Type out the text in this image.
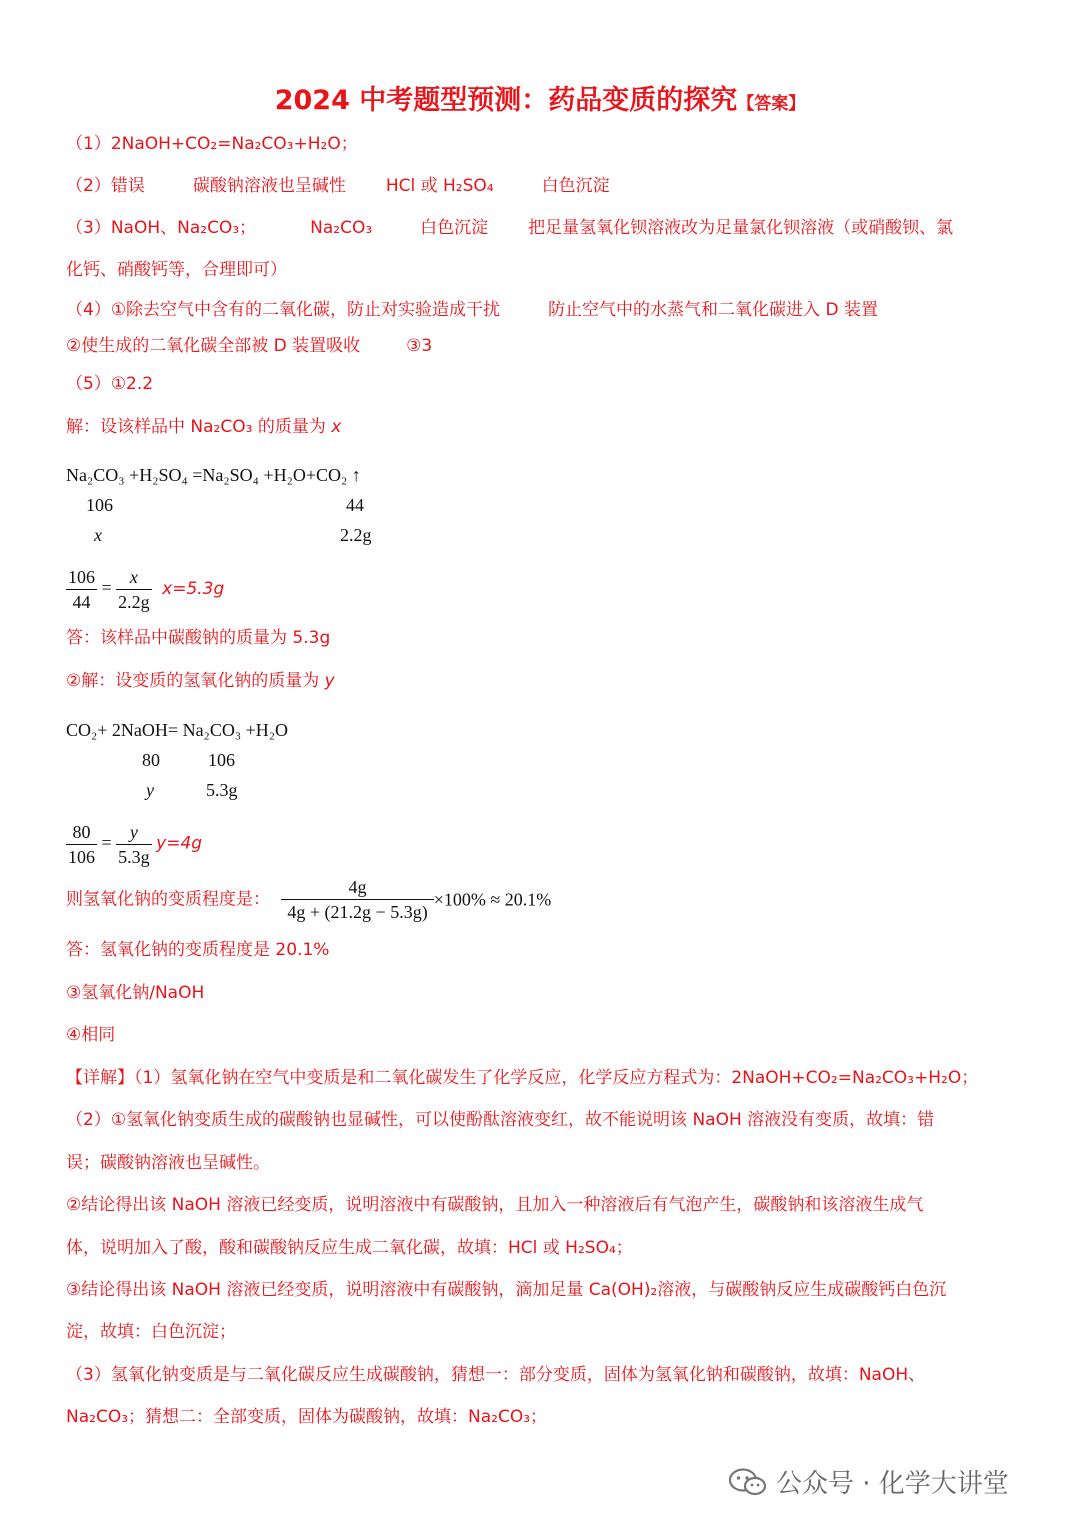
2024 中考题型预测：药品变质的探究【答案】
（1）2NaOH+CO₂=Na₂CO₃+H₂O；
（2）错误	碳酸钠溶液也呈碱性 HCl 或 H₂SO₄	白色沉淀
（3）NaOH、Na₂CO₃；	Na₂CO₃	白色沉淀 把足量氢氧化钡溶液改为足量氯化钡溶液（或硝酸钡、氯
化钙、硝酸钙等，合理即可）
（4）①除去空气中含有的二氧化碳，防止对实验造成干扰	防止空气中的水蒸气和二氧化碳进入 D 装置
②使生成的二氧化碳全部被 D 装置吸收	③3
（5）①2.2
解：设该样品中 Na₂CO₃ 的质量为 x
Na₂CO₃ +H₂SO₄ =Na₂SO₄ +H₂O+CO₂ ↑
106	44
x	2.2g
$\frac{106}{44} = \frac{x}{2.2g} x=5.3g$
答：该样品中碳酸钠的质量为 5.3g
②解：设变质的氢氧化钠的质量为 y
CO₂+ 2NaOH= Na₂CO₃ +H₂O
80	106
y	5.3g
$\frac{80}{106} = \frac{y}{5.3g} y=4g$
则氢氧化钠的变质程度是： $\frac{4g}{4g + (21.2g - 5.3g)} \times 100\% \approx 20.1\%$
答：氢氧化钠的变质程度是 20.1%
③氢氧化钠/NaOH
④相同
【详解】（1）氢氧化钠在空气中变质是和二氧化碳发生了化学反应，化学反应方程式为：2NaOH+CO₂=Na₂CO₃+H₂O；
（2）①氢氧化钠变质生成的碳酸钠也显碱性，可以使酚酞溶液变红，故不能说明该 NaOH 溶液没有变质，故填：错
误；碳酸钠溶液也呈碱性。
②结论得出该 NaOH 溶液已经变质，说明溶液中有碳酸钠，且加入一种溶液后有气泡产生，碳酸钠和该溶液生成气
体，说明加入了酸，酸和碳酸钠反应生成二氧化碳，故填：HCl 或 H₂SO₄；
③结论得出该 NaOH 溶液已经变质，说明溶液中有碳酸钠，滴加足量 Ca(OH)₂溶液，与碳酸钠反应生成碳酸钙白色沉
淀，故填：白色沉淀；
（3）氢氧化钠变质是与二氧化碳反应生成碳酸钠，猜想一：部分变质，固体为氢氧化钠和碳酸钠，故填：NaOH、
Na₂CO₃；猜想二：全部变质，固体为碳酸钠，故填：Na₂CO₃；
公众号 · 化学大讲堂
